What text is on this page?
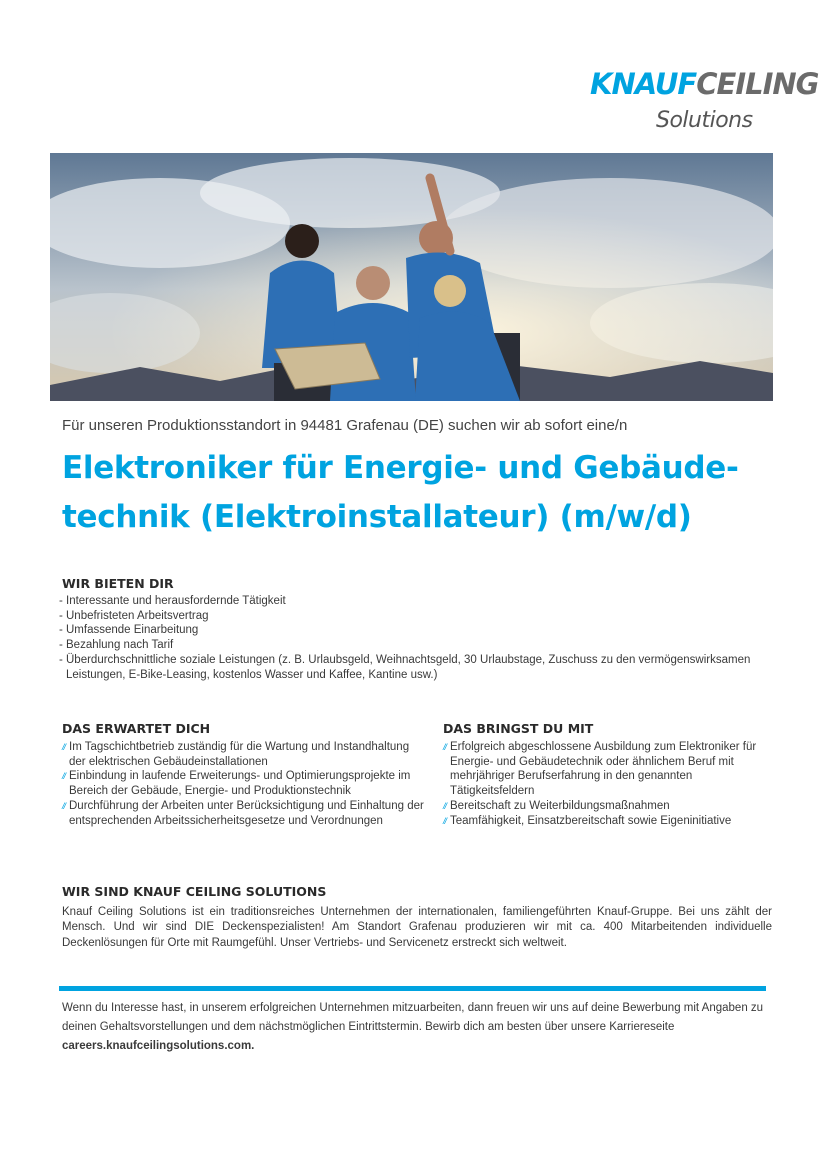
KNAUFCEILING
Solutions
Für unseren Produktionsstandort in 94481 Grafenau (DE) suchen wir ab sofort eine/n
Elektroniker für Energie- und Gebäude-
technik (Elektroinstallateur) (m/w/d)
WIR BIETEN DIR
- Interessante und herausfordernde Tätigkeit
- Unbefristeten Arbeitsvertrag
- Umfassende Einarbeitung
- Bezahlung nach Tarif
- Überdurchschnittliche soziale Leistungen (z. B. Urlaubsgeld, Weihnachtsgeld, 30 Urlaubstage, Zuschuss zu den vermögenswirksamen Leistungen, E-Bike-Leasing, kostenlos Wasser und Kaffee, Kantine usw.)
DAS ERWARTET DICH
// Im Tagschichtbetrieb zuständig für die Wartung und Instandhaltung der elektrischen Gebäudeinstallationen
// Einbindung in laufende Erweiterungs- und Optimierungsprojekte im Bereich der Gebäude, Energie- und Produktionstechnik
// Durchführung der Arbeiten unter Berücksichtigung und Einhaltung der entsprechenden Arbeitssicherheitsgesetze und Verordnungen
DAS BRINGST DU MIT
// Erfolgreich abgeschlossene Ausbildung zum Elektroniker für Energie- und Gebäudetechnik oder ähnlichem Beruf mit mehrjähriger Berufserfahrung in den genannten Tätigkeitsfeldern
// Bereitschaft zu Weiterbildungsmaßnahmen
// Teamfähigkeit, Einsatzbereitschaft sowie Eigeninitiative
WIR SIND KNAUF CEILING SOLUTIONS
Knauf Ceiling Solutions ist ein traditionsreiches Unternehmen der internationalen, familiengeführten Knauf-Gruppe. Bei uns zählt der Mensch. Und wir sind DIE Deckenspezialisten! Am Standort Grafenau produzieren wir mit ca. 400 Mitarbeitenden individuelle Deckenlösungen für Orte mit Raumgefühl. Unser Vertriebs- und Servicenetz erstreckt sich weltweit.
Wenn du Interesse hast, in unserem erfolgreichen Unternehmen mitzuarbeiten, dann freuen wir uns auf deine Bewerbung mit Angaben zu deinen Gehaltsvorstellungen und dem nächstmöglichen Eintrittstermin. Bewirb dich am besten über unsere Karriereseite
careers.knaufceilingsolutions.com.
